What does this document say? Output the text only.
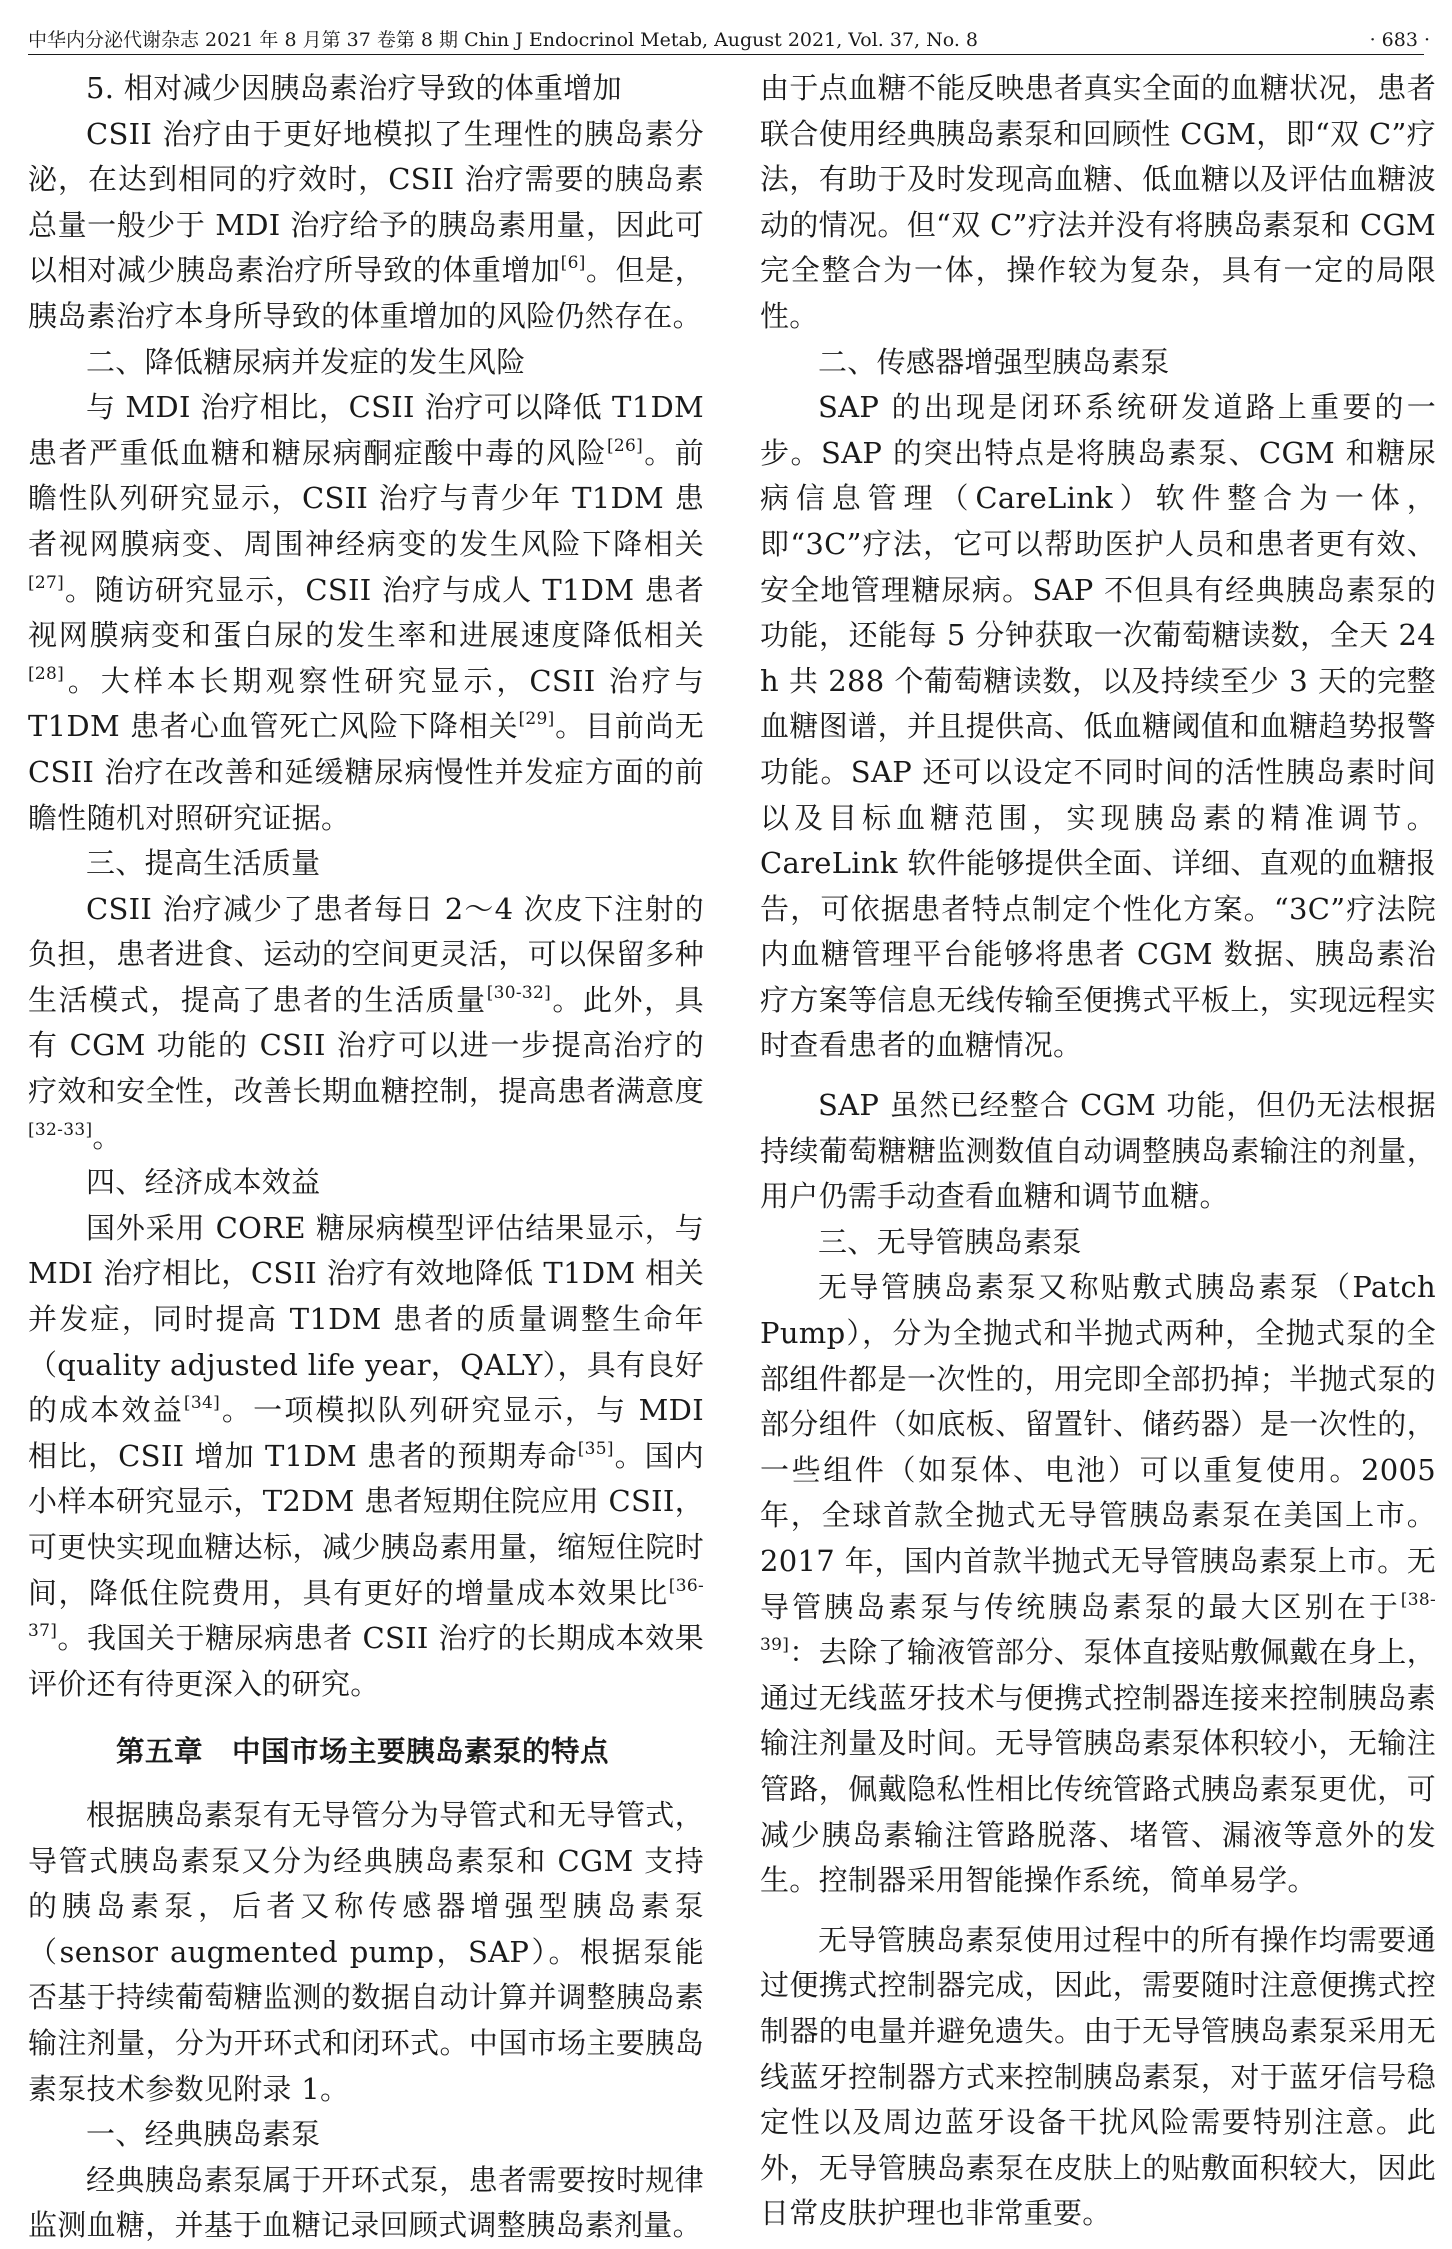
中华内分泌代谢杂志 2021 年 8 月第 37 卷第 8 期 Chin J Endocrinol Metab, August 2021, Vol. 37, No. 8	· 683 ·

5. 相对减少因胰岛素治疗导致的体重增加

CSII 治疗由于更好地模拟了生理性的胰岛素分泌，在达到相同的疗效时，CSII 治疗需要的胰岛素总量一般少于 MDI 治疗给予的胰岛素用量，因此可以相对减少胰岛素治疗所导致的体重增加[6]。但是，胰岛素治疗本身所导致的体重增加的风险仍然存在。

二、降低糖尿病并发症的发生风险

与 MDI 治疗相比，CSII 治疗可以降低 T1DM 患者严重低血糖和糖尿病酮症酸中毒的风险[26]。前瞻性队列研究显示，CSII 治疗与青少年 T1DM 患者视网膜病变、周围神经病变的发生风险下降相关[27]。随访研究显示，CSII 治疗与成人 T1DM 患者视网膜病变和蛋白尿的发生率和进展速度降低相关[28]。大样本长期观察性研究显示，CSII 治疗与 T1DM 患者心血管死亡风险下降相关[29]。目前尚无 CSII 治疗在改善和延缓糖尿病慢性并发症方面的前瞻性随机对照研究证据。

三、提高生活质量

CSII 治疗减少了患者每日 2～4 次皮下注射的负担，患者进食、运动的空间更灵活，可以保留多种生活模式，提高了患者的生活质量[30-32]。此外，具有 CGM 功能的 CSII 治疗可以进一步提高治疗的疗效和安全性，改善长期血糖控制，提高患者满意度[32-33]。

四、经济成本效益

国外采用 CORE 糖尿病模型评估结果显示，与 MDI 治疗相比，CSII 治疗有效地降低 T1DM 相关并发症，同时提高 T1DM 患者的质量调整生命年（quality adjusted life year，QALY），具有良好的成本效益[34]。一项模拟队列研究显示，与 MDI 相比，CSII 增加 T1DM 患者的预期寿命[35]。国内小样本研究显示，T2DM 患者短期住院应用 CSII，可更快实现血糖达标，减少胰岛素用量，缩短住院时间，降低住院费用，具有更好的增量成本效果比[36-37]。我国关于糖尿病患者 CSII 治疗的长期成本效果评价还有待更深入的研究。

第五章　中国市场主要胰岛素泵的特点

根据胰岛素泵有无导管分为导管式和无导管式，导管式胰岛素泵又分为经典胰岛素泵和 CGM 支持的胰岛素泵，后者又称传感器增强型胰岛素泵（sensor augmented pump，SAP）。根据泵能否基于持续葡萄糖监测的数据自动计算并调整胰岛素输注剂量，分为开环式和闭环式。中国市场主要胰岛素泵技术参数见附录 1。

一、经典胰岛素泵

经典胰岛素泵属于开环式泵，患者需要按时规律监测血糖，并基于血糖记录回顾式调整胰岛素剂量。

由于点血糖不能反映患者真实全面的血糖状况，患者联合使用经典胰岛素泵和回顾性 CGM，即“双 C”疗法，有助于及时发现高血糖、低血糖以及评估血糖波动的情况。但“双 C”疗法并没有将胰岛素泵和 CGM 完全整合为一体，操作较为复杂，具有一定的局限性。

二、传感器增强型胰岛素泵

SAP 的出现是闭环系统研发道路上重要的一步。SAP 的突出特点是将胰岛素泵、CGM 和糖尿病信息管理（CareLink）软件整合为一体，即“3C”疗法，它可以帮助医护人员和患者更有效、安全地管理糖尿病。SAP 不但具有经典胰岛素泵的功能，还能每 5 分钟获取一次葡萄糖读数，全天 24 h 共 288 个葡萄糖读数，以及持续至少 3 天的完整血糖图谱，并且提供高、低血糖阈值和血糖趋势报警功能。SAP 还可以设定不同时间的活性胰岛素时间以及目标血糖范围，实现胰岛素的精准调节。CareLink 软件能够提供全面、详细、直观的血糖报告，可依据患者特点制定个性化方案。“3C”疗法院内血糖管理平台能够将患者 CGM 数据、胰岛素治疗方案等信息无线传输至便携式平板上，实现远程实时查看患者的血糖情况。

SAP 虽然已经整合 CGM 功能，但仍无法根据持续葡萄糖糖监测数值自动调整胰岛素输注的剂量，用户仍需手动查看血糖和调节血糖。

三、无导管胰岛素泵

无导管胰岛素泵又称贴敷式胰岛素泵（Patch Pump），分为全抛式和半抛式两种，全抛式泵的全部组件都是一次性的，用完即全部扔掉；半抛式泵的部分组件（如底板、留置针、储药器）是一次性的，一些组件（如泵体、电池）可以重复使用。2005 年，全球首款全抛式无导管胰岛素泵在美国上市。2017 年，国内首款半抛式无导管胰岛素泵上市。无导管胰岛素泵与传统胰岛素泵的最大区别在于[38-39]：去除了输液管部分、泵体直接贴敷佩戴在身上，通过无线蓝牙技术与便携式控制器连接来控制胰岛素输注剂量及时间。无导管胰岛素泵体积较小，无输注管路，佩戴隐私性相比传统管路式胰岛素泵更优，可减少胰岛素输注管路脱落、堵管、漏液等意外的发生。控制器采用智能操作系统，简单易学。

无导管胰岛素泵使用过程中的所有操作均需要通过便携式控制器完成，因此，需要随时注意便携式控制器的电量并避免遗失。由于无导管胰岛素泵采用无线蓝牙控制器方式来控制胰岛素泵，对于蓝牙信号稳定性以及周边蓝牙设备干扰风险需要特别注意。此外，无导管胰岛素泵在皮肤上的贴敷面积较大，因此日常皮肤护理也非常重要。
